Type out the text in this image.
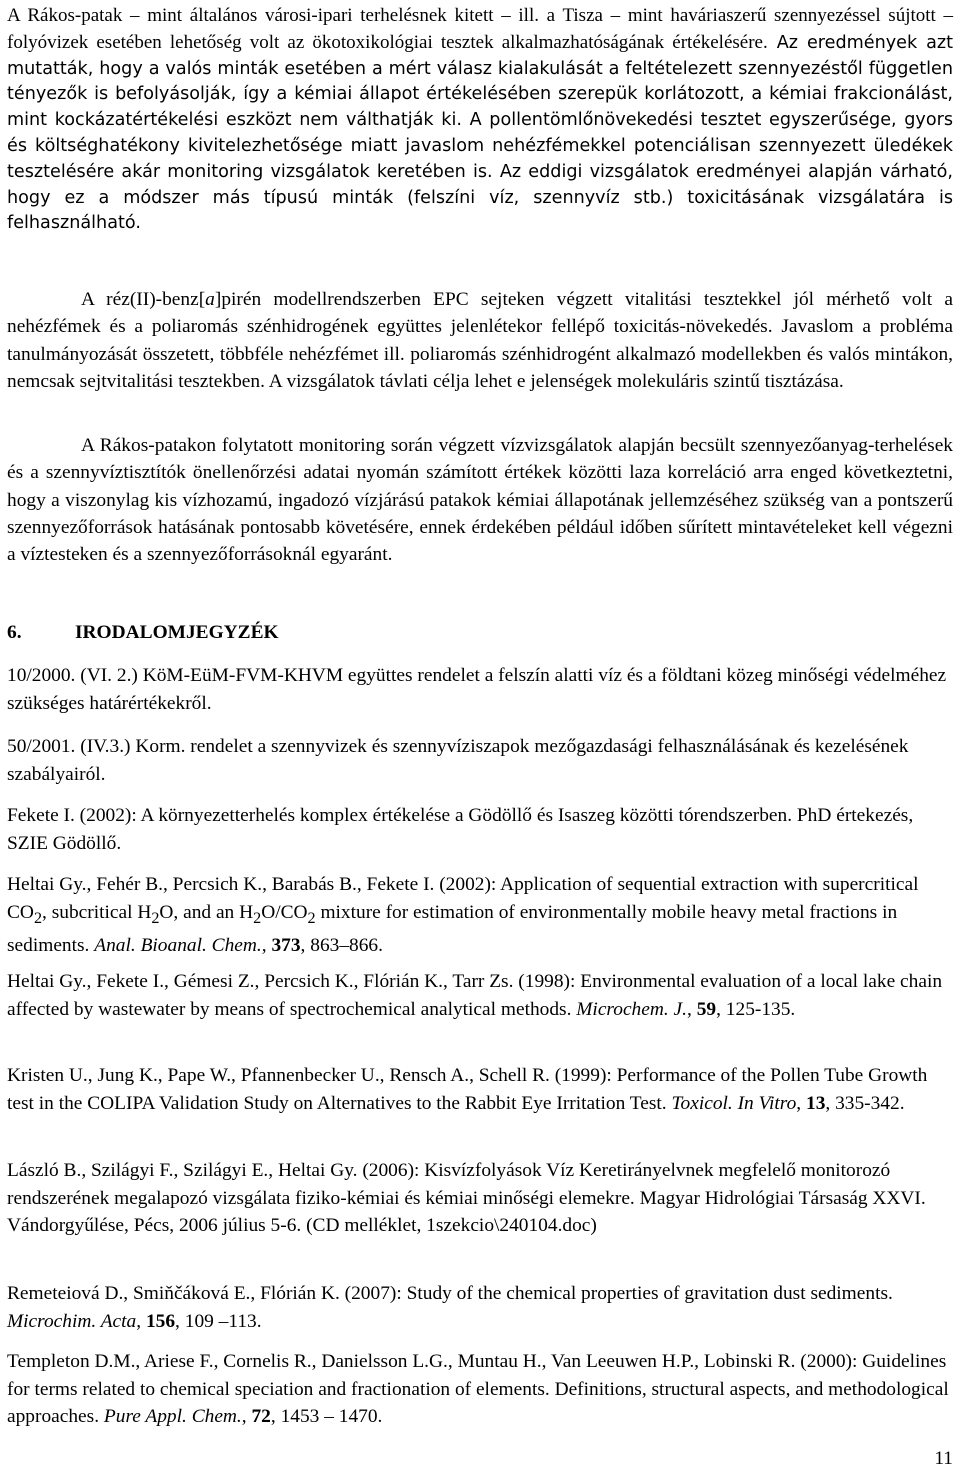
A Rákos-patak – mint általános városi-ipari terhelésnek kitett – ill. a Tisza – mint haváriaszerű szennyezéssel sújtott – folyóvizek esetében lehetőség volt az ökotoxikológiai tesztek alkalmazhatóságának értékelésére. Az eredmények azt mutatták, hogy a valós minták esetében a mért válasz kialakulását a feltételezett szennyezéstől független tényezők is befolyásolják, így a kémiai állapot értékelésében szerepük korlátozott, a kémiai frakcionálást, mint kockázatértékelési eszközt nem válthatják ki. A pollentömlőnövekedési tesztet egyszerűsége, gyors és költséghatékony kivitelezhetősége miatt javaslom nehézfémekkel potenciálisan szennyezett üledékek tesztelésére akár monitoring vizsgálatok keretében is. Az eddigi vizsgálatok eredményei alapján várható, hogy ez a módszer más típusú minták (felszíni víz, szennyvíz stb.) toxicitásának vizsgálatára is felhasználható.

A réz(II)-benz[a]pirén modellrendszerben EPC sejteken végzett vitalitási tesztekkel jól mérhető volt a nehézfémek és a poliaromás szénhidrogének együttes jelenlétekor fellépő toxicitás-növekedés. Javaslom a probléma tanulmányozását összetett, többféle nehézfémet ill. poliaromás szénhidrogént alkalmazó modellekben és valós mintákon, nemcsak sejtvitalitási tesztekben. A vizsgálatok távlati célja lehet e jelenségek molekuláris szintű tisztázása.

A Rákos-patakon folytatott monitoring során végzett vízvizsgálatok alapján becsült szennyezőanyag-terhelések és a szennyvíztisztítók önellenőrzési adatai nyomán számított értékek közötti laza korreláció arra enged következtetni, hogy a viszonylag kis vízhozamú, ingadozó vízjárású patakok kémiai állapotának jellemzéséhez szükség van a pontszerű szennyezőforrások hatásának pontosabb követésére, ennek érdekében például időben sűrített mintavételeket kell végezni a víztesteken és a szennyezőforrásoknál egyaránt.

6.	IRODALOMJEGYZÉK

10/2000. (VI. 2.) KöM-EüM-FVM-KHVM együttes rendelet a felszín alatti víz és a földtani közeg minőségi védelméhez szükséges határértékekről.

50/2001. (IV.3.) Korm. rendelet a szennyvizek és szennyvíziszapok mezőgazdasági felhasználásának és kezelésének szabályairól.

Fekete I. (2002): A környezetterhelés komplex értékelése a Gödöllő és Isaszeg közötti tórendszerben. PhD értekezés, SZIE Gödöllő.

Heltai Gy., Fehér B., Percsich K., Barabás B., Fekete I. (2002): Application of sequential extraction with supercritical $CO_2$, subcritical $H_2O$, and an $H_2O/CO_2$ mixture for estimation of environmentally mobile heavy metal fractions in sediments. Anal. Bioanal. Chem., 373, 863–866.

Heltai Gy., Fekete I., Gémesi Z., Percsich K., Flórián K., Tarr Zs. (1998): Environmental evaluation of a local lake chain affected by wastewater by means of spectrochemical analytical methods. Microchem. J., 59, 125-135.

Kristen U., Jung K., Pape W., Pfannenbecker U., Rensch A., Schell R. (1999): Performance of the Pollen Tube Growth test in the COLIPA Validation Study on Alternatives to the Rabbit Eye Irritation Test. Toxicol. In Vitro, 13, 335-342.

László B., Szilágyi F., Szilágyi E., Heltai Gy. (2006): Kisvízfolyások Víz Keretirányelvnek megfelelő monitorozó rendszerének megalapozó vizsgálata fiziko-kémiai és kémiai minőségi elemekre. Magyar Hidrológiai Társaság XXVI. Vándorgyűlése, Pécs, 2006 július 5-6. (CD melléklet, 1szekcio\240104.doc)

Remeteiová D., Smiňčáková E., Flórián K. (2007): Study of the chemical properties of gravitation dust sediments. Microchim. Acta, 156, 109 –113.

Templeton D.M., Ariese F., Cornelis R., Danielsson L.G., Muntau H., Van Leeuwen H.P., Lobinski R. (2000): Guidelines for terms related to chemical speciation and fractionation of elements. Definitions, structural aspects, and methodological approaches. Pure Appl. Chem., 72, 1453 – 1470.

11
